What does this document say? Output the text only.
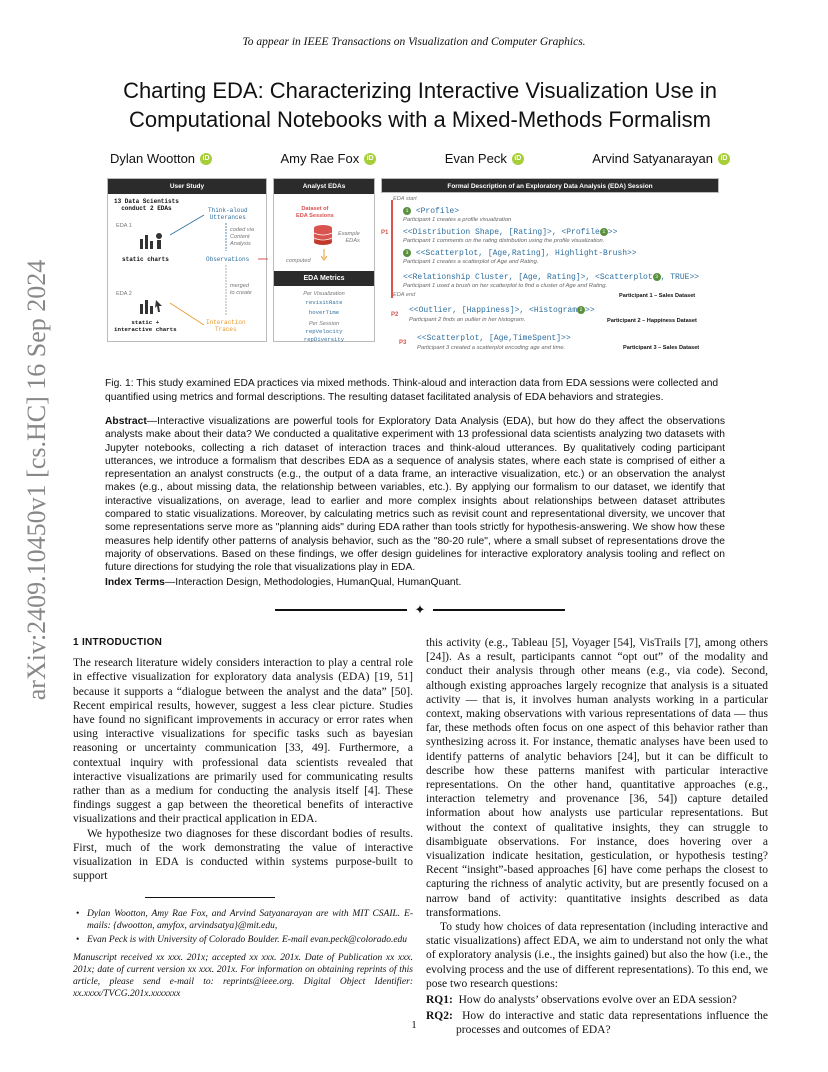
To appear in IEEE Transactions on Visualization and Computer Graphics.
arXiv:2409.10450v1 [cs.HC] 16 Sep 2024
Charting EDA: Characterizing Interactive Visualization Use in
Computational Notebooks with a Mixed-Methods Formalism
Dylan Wootton	iD	Amy Rae Fox	iD	Evan Peck	iD	Arvind Satyanarayan	iD
User Study
13 Data Scientists
conduct 2 EDAs
EDA 1
static charts
EDA 2
static +
interactive charts
Think-aloud
Utterances
coded via
Content
Analysis
Observations
merged
to create
Interaction
Traces
Analyst EDAs
Dataset of
EDA Sessions
Example
EDAs
computed
EDA Metrics
Per Visualization
revisitRate
hoverTime
Per Session
repVelocity
repDiversity
Formal Description of an Exploratory Data Analysis (EDA) Session
EDA start
P1
1 <Profile>
Participant 1 creates a profile visualization
<<Distribution Shape, [Rating]>, <Profile 1 >>
Participant 1 comments on the rating distribution using the profile visualization.
3 <<Scatterplot, [Age,Rating], Highlight-Brush>>
Participant 1 creates a scatterplot of Age and Rating.
<<Relationship Cluster, [Age, Rating]>, <Scatterplot 3 , TRUE>>
Participant 1 used a brush on her scatterplot to find a cluster of Age and Rating.
EDA end	Participant 1 – Sales Dataset
P2 <<Outlier, [Happiness]>, <Histogram 2 >>
Participant 2 finds an outlier in her histogram.	Participant 2 – Happiness Dataset
P3 <<Scatterplot, [Age,TimeSpent]>>
Participant 3 created a scatterplot encoding age and time.	Participant 3 – Sales Dataset
Fig. 1: This study examined EDA practices via mixed methods. Think-aloud and interaction data from EDA sessions were collected and quantified using metrics and formal descriptions. The resulting dataset facilitated analysis of EDA behaviors and strategies.
Abstract—Interactive visualizations are powerful tools for Exploratory Data Analysis (EDA), but how do they affect the observations analysts make about their data? We conducted a qualitative experiment with 13 professional data scientists analyzing two datasets with Jupyter notebooks, collecting a rich dataset of interaction traces and think-aloud utterances. By qualitatively coding participant utterances, we introduce a formalism that describes EDA as a sequence of analysis states, where each state is comprised of either a representation an analyst constructs (e.g., the output of a data frame, an interactive visualization, etc.) or an observation the analyst makes (e.g., about missing data, the relationship between variables, etc.). By applying our formalism to our dataset, we identify that interactive visualizations, on average, lead to earlier and more complex insights about relationships between dataset attributes compared to static visualizations. Moreover, by calculating metrics such as revisit count and representational diversity, we uncover that some representations serve more as "planning aids" during EDA rather than tools strictly for hypothesis-answering. We show how these measures help identify other patterns of analysis behavior, such as the "80-20 rule", where a small subset of representations drove the majority of observations. Based on these findings, we offer design guidelines for interactive exploratory analysis tooling and reflect on future directions for studying the role that visualizations play in EDA.
Index Terms—Interaction Design, Methodologies, HumanQual, HumanQuant.
✦
1 INTRODUCTION

The research literature widely considers interaction to play a central role in effective visualization for exploratory data analysis (EDA) [19, 51] because it supports a “dialogue between the analyst and the data” [50]. Recent empirical results, however, suggest a less clear picture. Studies have found no significant improvements in accuracy or error rates when using interactive visualizations for specific tasks such as bayesian reasoning or uncertainty communication [33, 49]. Furthermore, a contextual inquiry with professional data scientists revealed that interactive visualizations are primarily used for communicating results rather than as a medium for conducting the analysis itself [4]. These findings suggest a gap between the theoretical benefits of interactive visualizations and their practical application in EDA.

We hypothesize two diagnoses for these discordant bodies of results. First, much of the work demonstrating the value of interactive visualization in EDA is conducted within systems purpose-built to support

• Dylan Wootton, Amy Rae Fox, and Arvind Satyanarayan are with MIT CSAIL. E-mails: {dwootton, amyfox, arvindsatya}@mit.edu,
• Evan Peck is with University of Colorado Boulder. E-mail evan.peck@colorado.edu

Manuscript received xx xxx. 201x; accepted xx xxx. 201x. Date of Publication xx xxx. 201x; date of current version xx xxx. 201x. For information on obtaining reprints of this article, please send e-mail to: reprints@ieee.org. Digital Object Identifier: xx.xxxx/TVCG.201x.xxxxxxx

this activity (e.g., Tableau [5], Voyager [54], VisTrails [7], among others [24]). As a result, participants cannot “opt out” of the modality and conduct their analysis through other means (e.g., via code). Second, although existing approaches largely recognize that analysis is a situated activity — that is, it involves human analysts working in a particular context, making observations with various representations of data — thus far, these methods often focus on one aspect of this behavior rather than synthesizing across it. For instance, thematic analyses have been used to identify patterns of analytic behaviors [24], but it can be difficult to describe how these patterns manifest with particular interactive representations. On the other hand, quantitative approaches (e.g., interaction telemetry and provenance [36, 54]) capture detailed information about how analysts use particular representations. But without the context of qualitative insights, they can struggle to disambiguate observations. For instance, does hovering over a visualization indicate hesitation, gesticulation, or hypothesis testing? Recent “insight”-based approaches [6] have come perhaps the closest to capturing the richness of analytic activity, but are presently focused on a narrow band of activity: quantitative insights described as data transformations.

To study how choices of data representation (including interactive and static visualizations) affect EDA, we aim to understand not only the what of exploratory analysis (i.e., the insights gained) but also the how (i.e., the evolving process and the use of different representations). To this end, we pose two research questions:

RQ1: How do analysts’ observations evolve over an EDA session?

RQ2: How do interactive and static data representations influence the processes and outcomes of EDA?

1
